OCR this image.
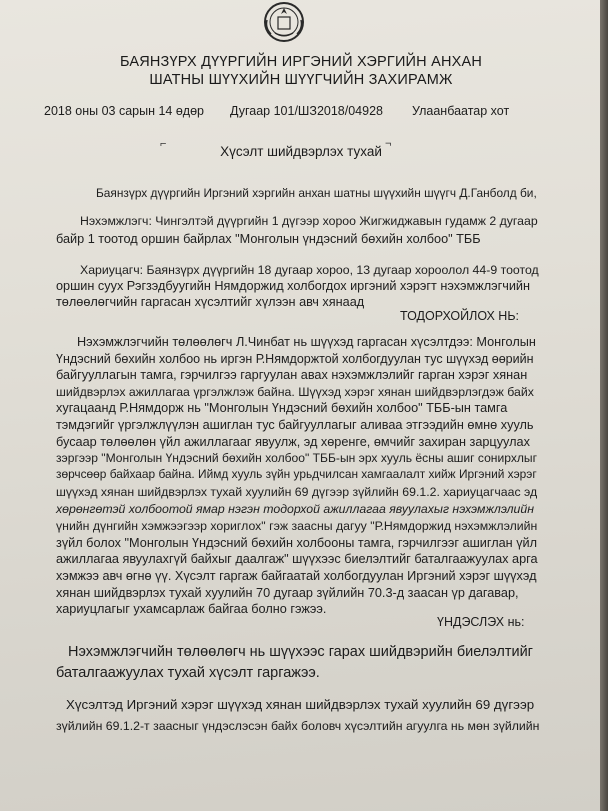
БАЯНЗҮРХ ДҮҮРГИЙН ИРГЭНИЙ ХЭРГИЙН АНХАН
ШАТНЫ ШҮҮХИЙН ШҮҮГЧИЙН ЗАХИРАМЖ
2018 оны 03 сарын 14 өдөр Дугаар 101/ШЗ2018/04928 Улаанбаатар хот
⌐	¬
Хүсэлт шийдвэрлэх тухай
Баянзүрх дүүргийн Иргэний хэргийн анхан шатны шүүхийн шүүгч Д.Ганболд би,
Нэхэмжлэгч: Чингэлтэй дүүргийн 1 дүгээр хороо Жигжиджавын гудамж 2 дугаар
байр 1 тоотод оршин байрлах "Монголын үндэсний бөхийн холбоо" ТББ
Хариуцагч: Баянзүрх дүүргийн 18 дугаар хороо, 13 дугаар хороолол 44-9 тоотод
оршин суух Рэгзэдбуугийн Нямдоржид холбогдох иргэний хэрэгт нэхэмжлэгчийн
төлөөлөгчийн гаргасан хүсэлтийг хүлээн авч хянаад
ТОДОРХОЙЛОХ НЬ:
Нэхэмжлэгчийн төлөөлөгч Л.Чинбат нь шүүхэд гаргасан хүсэлтдээ: Монголын
Үндэсний бөхийн холбоо нь иргэн Р.Нямдоржтой холбогдуулан тус шүүхэд өөрийн
байгууллагын тамга, гэрчилгээ гаргуулан авах нэхэмжлэлийг гарган хэрэг хянан
шийдвэрлэх ажиллагаа үргэлжлэж байна. Шүүхэд хэрэг хянан шийдвэрлэгдэж байх
хугацаанд Р.Нямдорж нь "Монголын Үндэсний бөхийн холбоо" ТББ-ын тамга
тэмдэгийг үргэлжлүүлэн ашиглан тус байгууллагыг аливаа этгээдийн өмнө хууль
бусаар төлөөлөн үйл ажиллагааг явуулж, эд хөренге, өмчийг захиран зарцуулах
зэргээр "Монголын Үндэсний бөхийн холбоо" ТББ-ын эрх хууль ёсны ашиг сонирхлыг
зөрчсөөр байхаар байна. Иймд хууль зүйн урьдчилсан хамгаалалт хийж Иргэний хэрэг
шүүхэд хянан шийдвэрлэх тухай хуулийн 69 дүгээр зүйлийн 69.1.2. хариуцагчаас эд
хөрөнгөтэй холбоотой ямар нэгэн тодорхой ажиллагаа явуулахыг нэхэмжлэлийн
үнийн дүнгийн хэмжээгээр хориглох" гэж заасны дагуу "Р.Нямдоржид нэхэмжлэлийн
зүйл болох "Монголын Үндэсний бөхийн холбооны тамга, гэрчилгээг ашиглан үйл
ажиллагаа явуулахгүй байхыг даалгаж" шүүхээс биелэлтийг баталгаажуулах арга
хэмжээ авч өгнө үү. Хүсэлт гаргаж байгаатай холбогдуулан Иргэний хэрэг шүүхэд
хянан шийдвэрлэх тухай хуулийн 70 дугаар зүйлийн 70.3-д заасан үр дагавар,
хариуцлагыг ухамсарлаж байгаа болно гэжээ.
ҮНДЭСЛЭХ нь:
Нэхэмжлэгчийн төлөөлөгч нь шүүхээс гарах шийдвэрийн биелэлтийг
баталгаажуулах тухай хүсэлт гаргажээ.
Хүсэлтэд Иргэний хэрэг шүүхэд хянан шийдвэрлэх тухай хуулийн 69 дүгээр
зүйлийн 69.1.2-т заасныг үндэслэсэн байх боловч хүсэлтийн агуулга нь мөн зүйлийн
